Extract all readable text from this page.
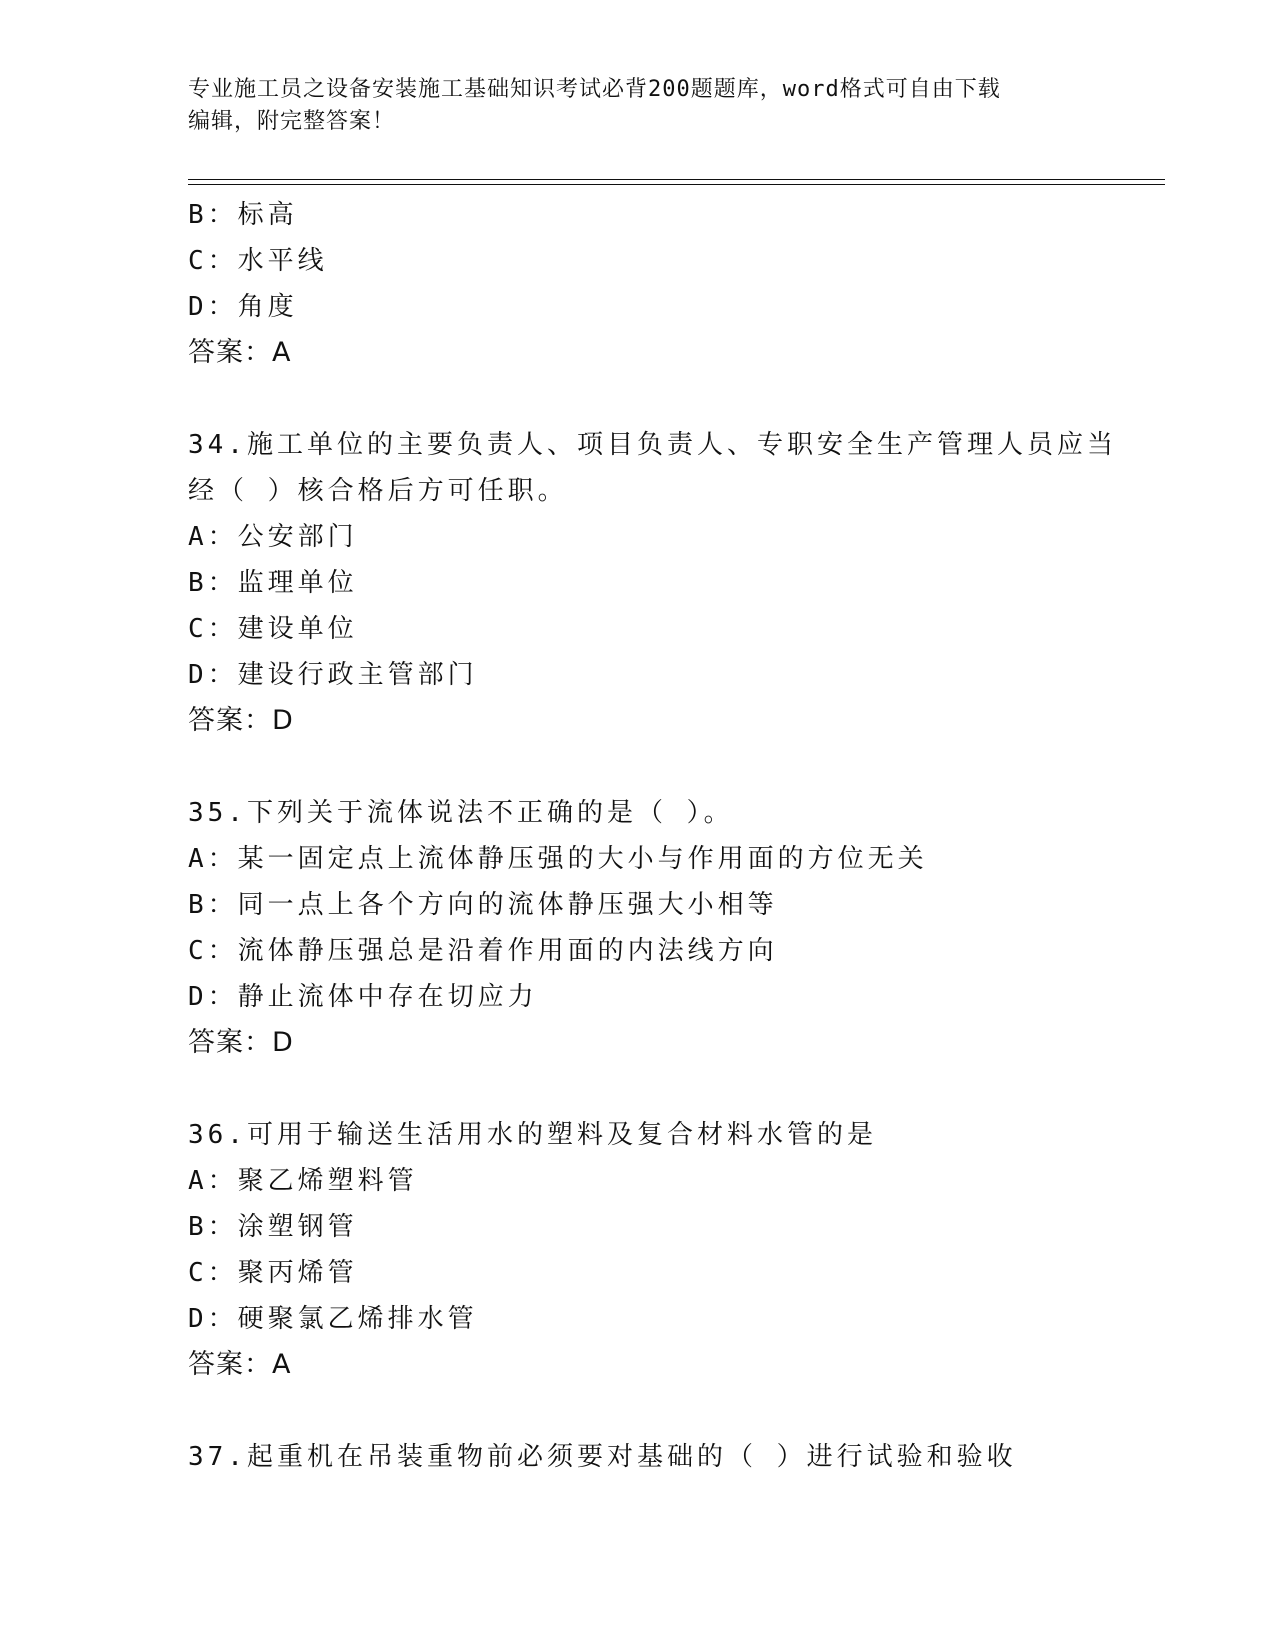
专业施工员之设备安装施工基础知识考试必背200题题库，word格式可自由下载
编辑，附完整答案！
B：标高
C：水平线
D：角度
答案：A
34.施工单位的主要负责人、项目负责人、专职安全生产管理人员应当
经（ ）核合格后方可任职。
A：公安部门
B：监理单位
C：建设单位
D：建设行政主管部门
答案：D
35.下列关于流体说法不正确的是（ ）。
A：某一固定点上流体静压强的大小与作用面的方位无关
B：同一点上各个方向的流体静压强大小相等
C：流体静压强总是沿着作用面的内法线方向
D：静止流体中存在切应力
答案：D
36.可用于输送生活用水的塑料及复合材料水管的是
A：聚乙烯塑料管
B：涂塑钢管
C：聚丙烯管
D：硬聚氯乙烯排水管
答案：A
37.起重机在吊装重物前必须要对基础的（ ）进行试验和验收
